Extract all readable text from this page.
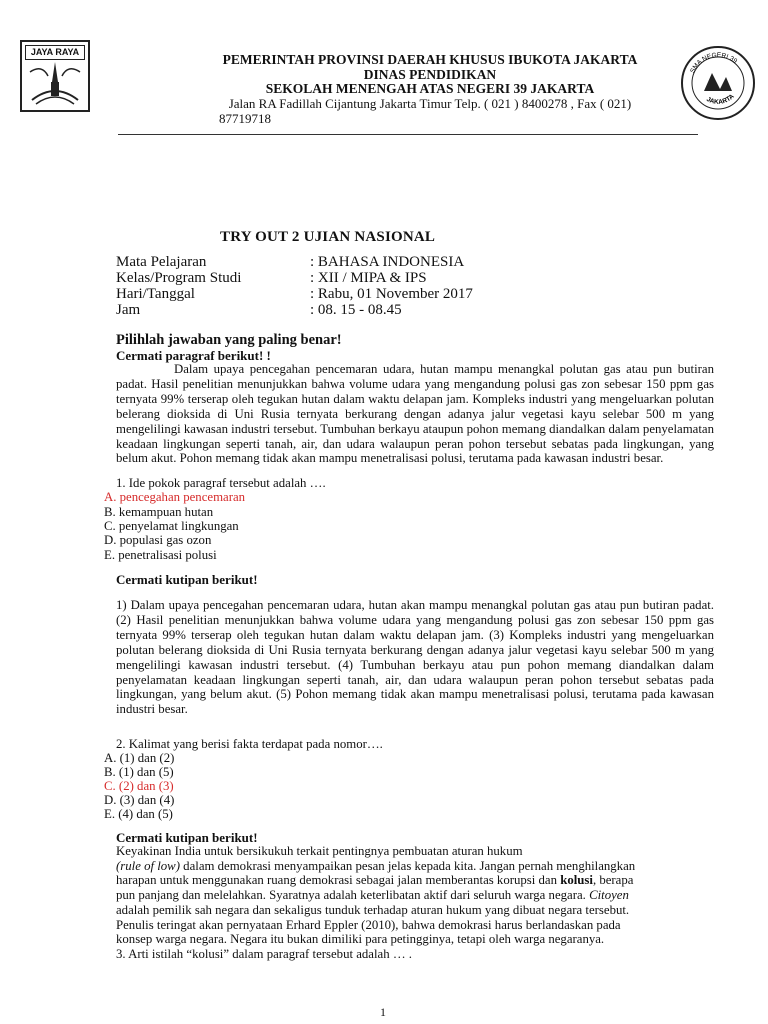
JAYA RAYA
SMA NEGERI 39
JAKARTA
PEMERINTAH PROVINSI DAERAH KHUSUS IBUKOTA JAKARTA
DINAS PENDIDIKAN
SEKOLAH MENENGAH ATAS NEGERI 39 JAKARTA
Jalan RA Fadillah Cijantung Jakarta Timur Telp. ( 021 ) 8400278 , Fax ( 021)
87719718
TRY OUT 2 UJIAN NASIONAL
Mata Pelajaran	: BAHASA INDONESIA
Kelas/Program Studi	: XII / MIPA & IPS
Hari/Tanggal	: Rabu, 01 November 2017
Jam	: 08. 15 - 08.45
Pilihlah jawaban yang paling benar!
Cermati paragraf berikut! !
Dalam upaya pencegahan pencemaran udara, hutan mampu menangkal polutan gas atau pun butiran padat. Hasil penelitian menunjukkan bahwa volume udara yang mengandung polusi gas zon sebesar 150 ppm gas ternyata 99% terserap oleh tegukan hutan dalam waktu delapan jam. Kompleks industri yang mengeluarkan polutan belerang dioksida di Uni Rusia ternyata berkurang dengan adanya jalur vegetasi kayu selebar 500 m yang mengelilingi kawasan industri tersebut. Tumbuhan berkayu ataupun pohon memang diandalkan dalam penyelamatan keadaan lingkungan seperti tanah, air, dan udara walaupun peran pohon tersebut sebatas pada lingkungan, yang belum akut. Pohon memang tidak akan mampu menetralisasi polusi, terutama pada kawasan industri besar.
1. Ide pokok paragraf tersebut adalah ….
A. pencegahan pencemaran
B. kemampuan hutan
C. penyelamat lingkungan
D. populasi gas ozon
E. penetralisasi polusi
Cermati kutipan berikut!
1) Dalam upaya pencegahan pencemaran udara, hutan akan mampu menangkal polutan gas atau pun butiran padat. (2) Hasil penelitian menunjukkan bahwa volume udara yang mengandung polusi gas zon sebesar 150 ppm gas ternyata 99% terserap oleh tegukan hutan dalam waktu delapan jam. (3) Kompleks industri yang mengeluarkan polutan belerang dioksida di Uni Rusia ternyata berkurang dengan adanya jalur vegetasi kayu selebar 500 m yang mengelilingi kawasan industri tersebut. (4) Tumbuhan berkayu atau pun pohon memang diandalkan dalam penyelamatan keadaan lingkungan seperti tanah, air, dan udara walaupun peran pohon tersebut sebatas pada lingkungan, yang belum akut. (5) Pohon memang tidak akan mampu menetralisasi polusi, terutama pada kawasan industri besar.
2. Kalimat yang berisi fakta terdapat pada nomor….
A. (1) dan (2)
B. (1) dan (5)
C. (2) dan (3)
D. (3) dan (4)
E. (4) dan (5)
Cermati kutipan berikut!
Keyakinan India untuk bersikukuh terkait pentingnya pembuatan aturan hukum
(rule of low) dalam demokrasi menyampaikan pesan jelas kepada kita. Jangan pernah menghilangkan
harapan untuk menggunakan ruang demokrasi sebagai jalan memberantas korupsi dan kolusi, berapa
pun panjang dan melelahkan. Syaratnya adalah keterlibatan aktif dari seluruh warga negara. Citoyen
adalah pemilik sah negara dan sekaligus tunduk terhadap aturan hukum yang dibuat negara tersebut.
Penulis teringat akan pernyataan Erhard Eppler (2010), bahwa demokrasi harus berlandaskan pada
konsep warga negara. Negara itu bukan dimiliki para petingginya, tetapi oleh warga negaranya.
3. Arti istilah “kolusi” dalam paragraf tersebut adalah … .
1
